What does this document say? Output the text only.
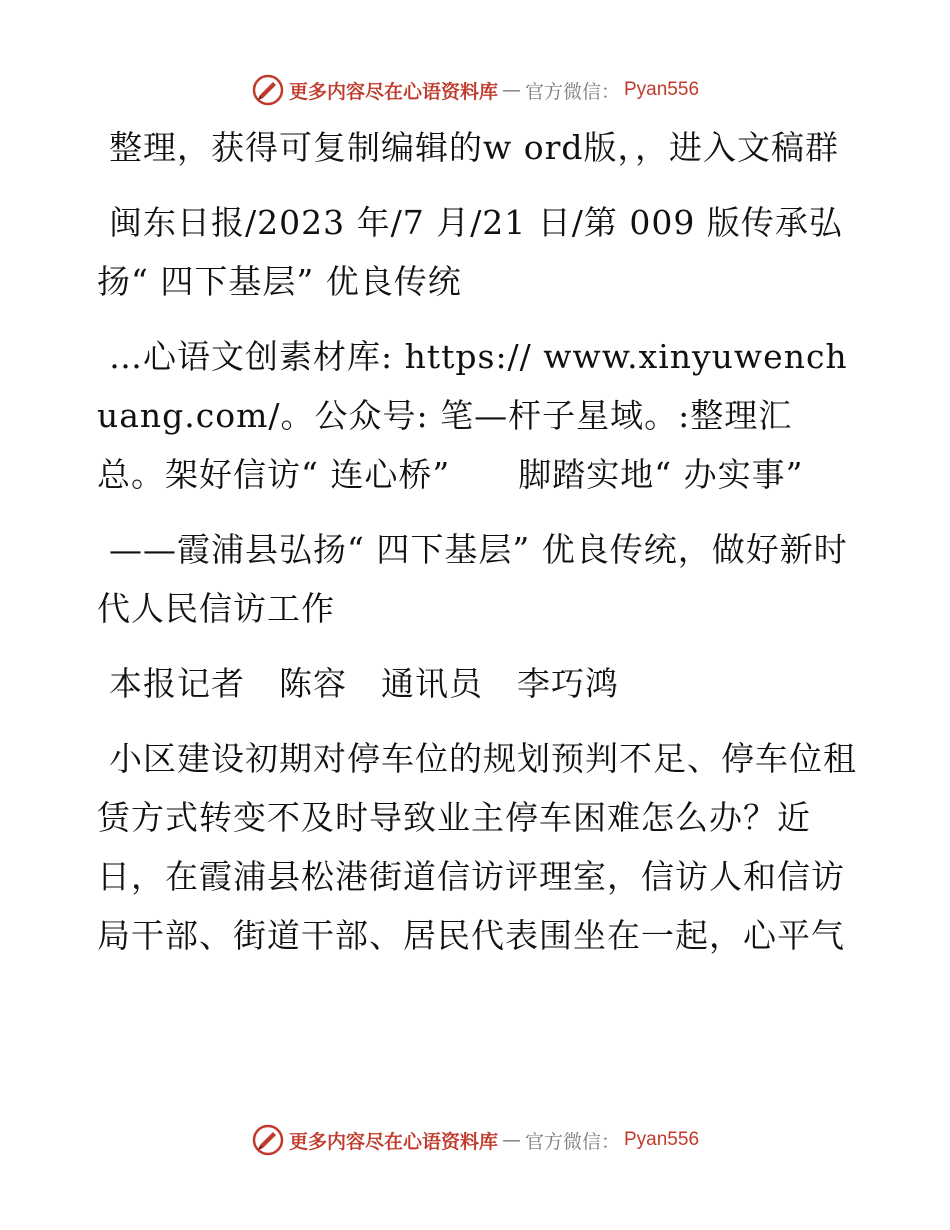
更多内容尽在心语资料库 — 官方微信： Pyan556

整理，获得可复制编辑的w ord版，，进入文稿群

闽东日报/2023 年/7 月/21 日/第 009 版传承弘扬“ 四下基层” 优良传统

…心语文创素材库: https:// www.xinyuwenchuang.com/。公众号: 笔—杆子星域。:整理汇总。架好信访“ 连心桥”　　脚踏实地“ 办实事”

——霞浦县弘扬“ 四下基层” 优良传统，做好新时代人民信访工作

本报记者　陈容　通讯员　李巧鸿

小区建设初期对停车位的规划预判不足、停车位租赁方式转变不及时导致业主停车困难怎么办？近日，在霞浦县松港街道信访评理室，信访人和信访局干部、街道干部、居民代表围坐在一起，心平气

更多内容尽在心语资料库 — 官方微信： Pyan556
